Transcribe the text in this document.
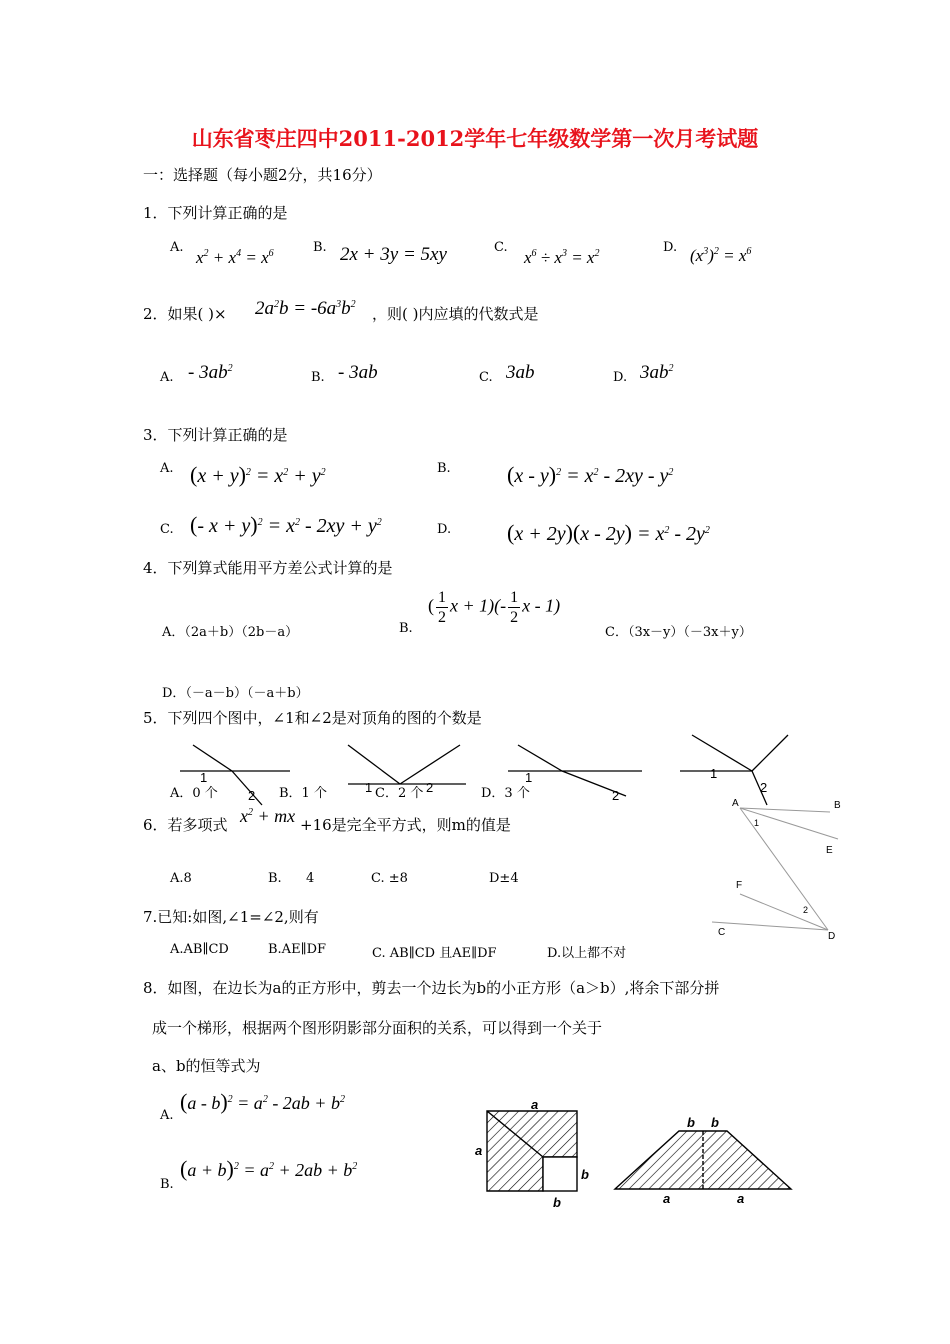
山东省枣庄四中2011-2012学年七年级数学第一次月考试题
一：选择题（每小题2分，共16分）
1．下列计算正确的是
A.
$x^2 + x^4 = x^6$	B. 2x + 3y = 5xy	C.
$x^6 \div x^3 = x^2$	D. $(x^3)^2 = x^6$
2．如果( )× $2a^2b = -6a^3b^2$
，则( )内应填的代数式是
A. - $3ab^2$
B. - 3ab	C. 3ab	D. $3ab^2$
3．下列计算正确的是
A. $(x + y)^2 = x^2 + y^2$	B.	$(x - y)^2 = x^2 - 2xy - y^2$
C. (- $x + y)^2 = x^2 - 2xy + y^2$	D.	$(x + 2y)(x - 2y) = x^2 - 2y^2$
4．下列算式能用平方差公式计算的是
A．（2a＋b）（2b－a）	B.
( $\frac{1}{2}$ $x + 1)(- \frac{1}{2}$ x - 1)
C．（3x－y）（－3x＋y）
D．（－a－b）（－a＋b）
5．下列四个图中，∠1和∠2是对顶角的图的个数是
1
2
1	2
1
2
1
2
A．0 个	B．1 个	C．2 个	D．3 个
6．若多项式 $x^2$ + mx +16是完全平方式，则m的值是
A.8	B. 4	C. ±8	D±4
A	B
1
E
F
2
C	D
7.已知:如图,∠1=∠2,则有
A.AB∥CD	B.AE∥DF	C. AB∥CD 且AE∥DF	D.以上都不对
8．如图，在边长为a的正方形中，剪去一个边长为b的小正方形（a＞b）,将余下部分拼
成一个梯形，根据两个图形阴影部分面积的关系，可以得到一个关于
a、b的恒等式为
A.
$(a - b)^2 = a^2 - 2ab + b^2$
B.
$(a + b)^2 = a^2 + 2ab + b^2$
a
a
b
b
b b
a	a
